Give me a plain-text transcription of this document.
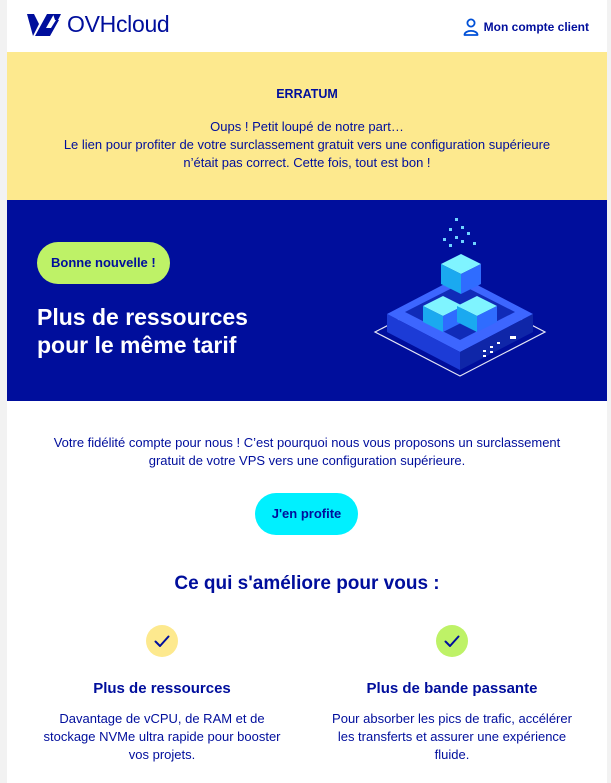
OVHcloud	Mon compte client
ERRATUM
Oups ! Petit loupé de notre part…
Le lien pour profiter de votre surclassement gratuit vers une configuration supérieure
n’était pas correct. Cette fois, tout est bon !
Bonne nouvelle !
Plus de ressources
pour le même tarif
Votre fidélité compte pour nous ! C’est pourquoi nous vous proposons un surclassement
gratuit de votre VPS vers une configuration supérieure.
J'en profite
Ce qui s'améliore pour vous :
Plus de ressources
Davantage de vCPU, de RAM et de
stockage NVMe ultra rapide pour booster
vos projets.
Plus de bande passante
Pour absorber les pics de trafic, accélérer
les transferts et assurer une expérience
fluide.
